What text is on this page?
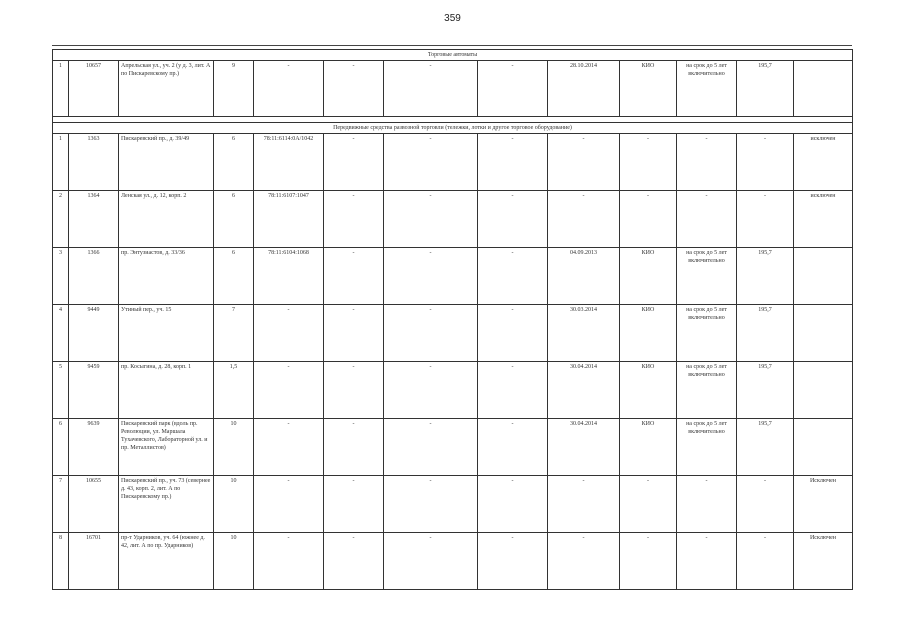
359
Торговые автоматы												
1	10657	Апрельская ул., уч. 2 (у д. 3, лит. А по Пискаревскому пр.)	9	-	-	-	-	28.10.2014	КИО	на срок до 5 лет включительно	195,7	

Передвижные средства развозной торговли (тележки, лотки и другое торговое оборудование)												
1	1363	Пискаревский пр., д. 39/49	6	78:11:6114:0A/1042	-	-	-	-	-	-	-	исключен
2	1364	Ленская ул., д. 12, корп. 2	6	78:11:6107:1047	-	-	-	-	-	-	-	исключен
3	1366	пр. Энтузиастов, д. 33/36	6	78:11:6104:1068	-	-	-	04.09.2013	КИО	на срок до 5 лет включительно	195,7	
4	9449	Утиный пер., уч. 15	7	-	-	-	-	30.03.2014	КИО	на срок до 5 лет включительно	195,7	
5	9459	пр. Косыгина, д. 28, корп. 1	1,5	-	-	-	-	30.04.2014	КИО	на срок до 5 лет включительно	195,7	
6	9639	Пискаревский парк (вдоль пр. Революции, ул. Маршала Тухачевского, Лабораторной ул. и пр. Металлистов)	10	-	-	-	-	30.04.2014	КИО	на срок до 5 лет включительно	195,7	
7	10655	Пискаревский пр., уч. 73 (севернее д. 43, корп. 2, лит. А по Пискаревскому пр.)	10	-	-	-	-	-	-	-	-	Исключен
8	16701	пр-т Ударников, уч. 64 (южнее д. 42, лит. А по пр. Ударников)	10	-	-	-	-	-	-	-	-	Исключен
